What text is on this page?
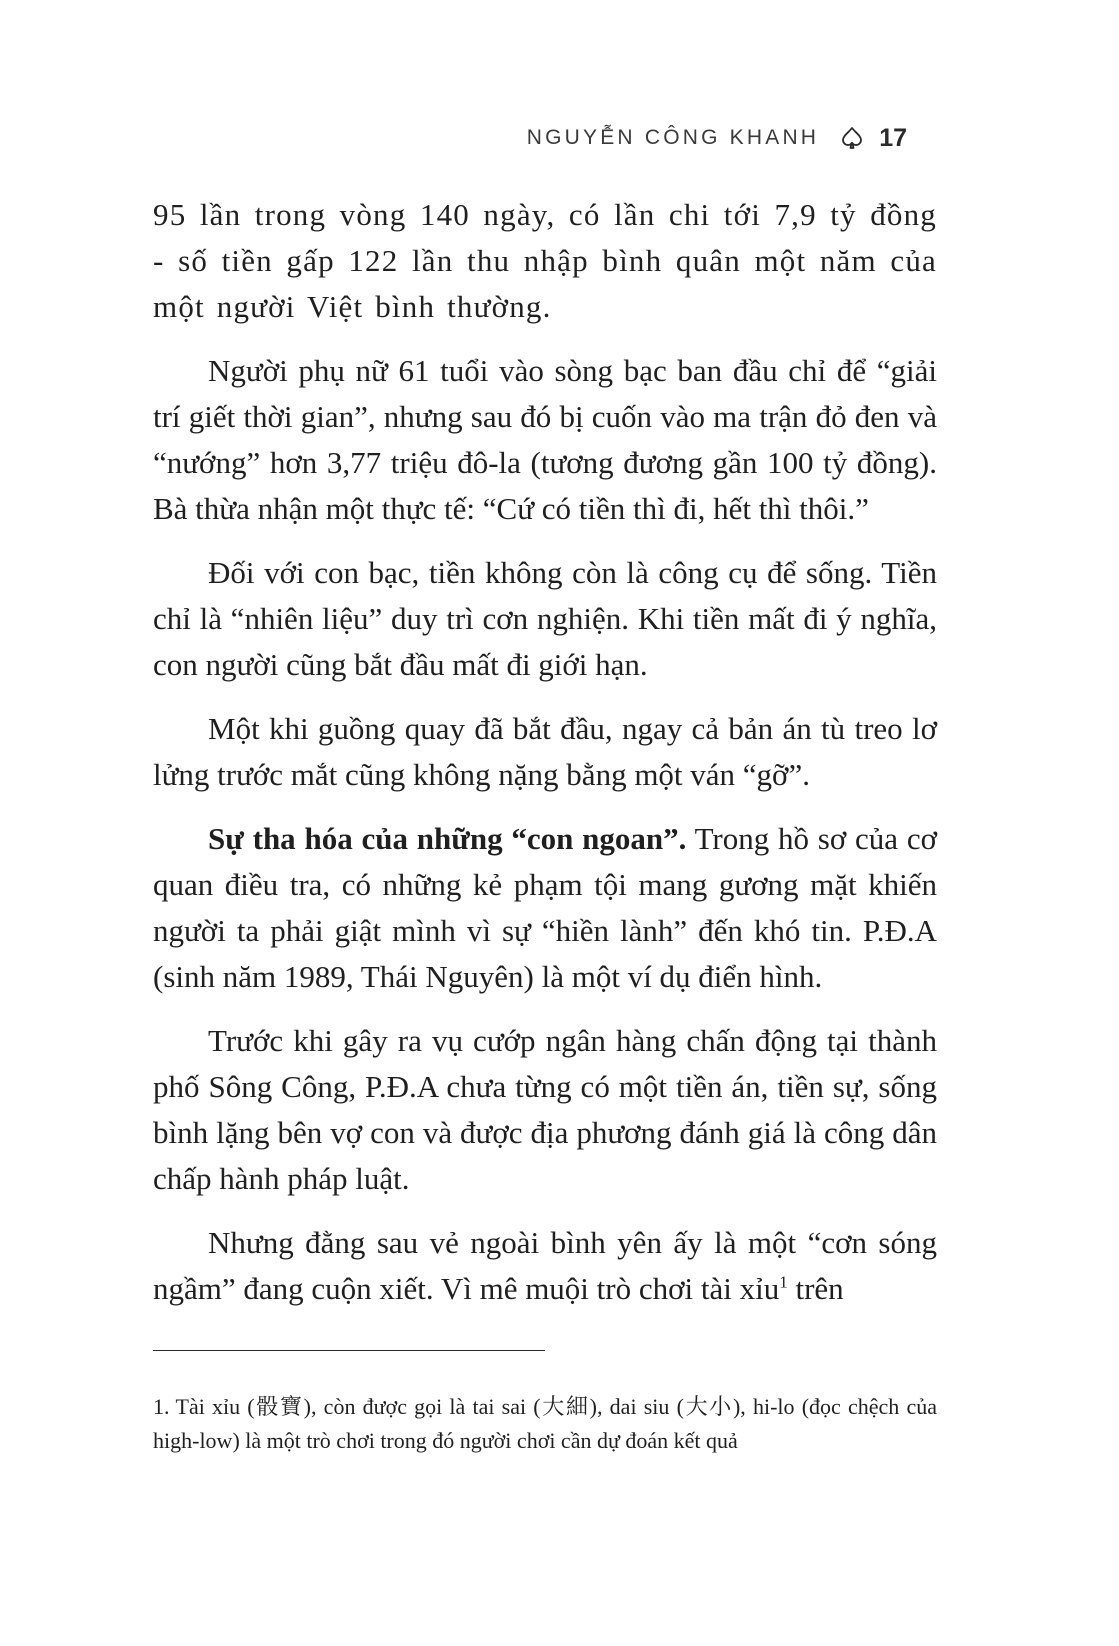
NGUYỄN CÔNG KHANH 17

95 lần trong vòng 140 ngày, có lần chi tới 7,9 tỷ đồng - số tiền gấp 122 lần thu nhập bình quân một năm của một người Việt bình thường.

Người phụ nữ 61 tuổi vào sòng bạc ban đầu chỉ để “giải trí giết thời gian”, nhưng sau đó bị cuốn vào ma trận đỏ đen và “nướng” hơn 3,77 triệu đô-la (tương đương gần 100 tỷ đồng). Bà thừa nhận một thực tế: “Cứ có tiền thì đi, hết thì thôi.”

Đối với con bạc, tiền không còn là công cụ để sống. Tiền chỉ là “nhiên liệu” duy trì cơn nghiện. Khi tiền mất đi ý nghĩa, con người cũng bắt đầu mất đi giới hạn.

Một khi guồng quay đã bắt đầu, ngay cả bản án tù treo lơ lửng trước mắt cũng không nặng bằng một ván “gỡ”.

Sự tha hóa của những “con ngoan”. Trong hồ sơ của cơ quan điều tra, có những kẻ phạm tội mang gương mặt khiến người ta phải giật mình vì sự “hiền lành” đến khó tin. P.Đ.A (sinh năm 1989, Thái Nguyên) là một ví dụ điển hình.

Trước khi gây ra vụ cướp ngân hàng chấn động tại thành phố Sông Công, P.Đ.A chưa từng có một tiền án, tiền sự, sống bình lặng bên vợ con và được địa phương đánh giá là công dân chấp hành pháp luật.

Nhưng đằng sau vẻ ngoài bình yên ấy là một “cơn sóng ngầm” đang cuộn xiết. Vì mê muội trò chơi tài xỉu$^1$ trên

1. Tài xỉu (骰寶), còn được gọi là tai sai (大細), dai siu (大小), hi-lo (đọc chệch của high-low) là một trò chơi trong đó người chơi cần dự đoán kết quả
